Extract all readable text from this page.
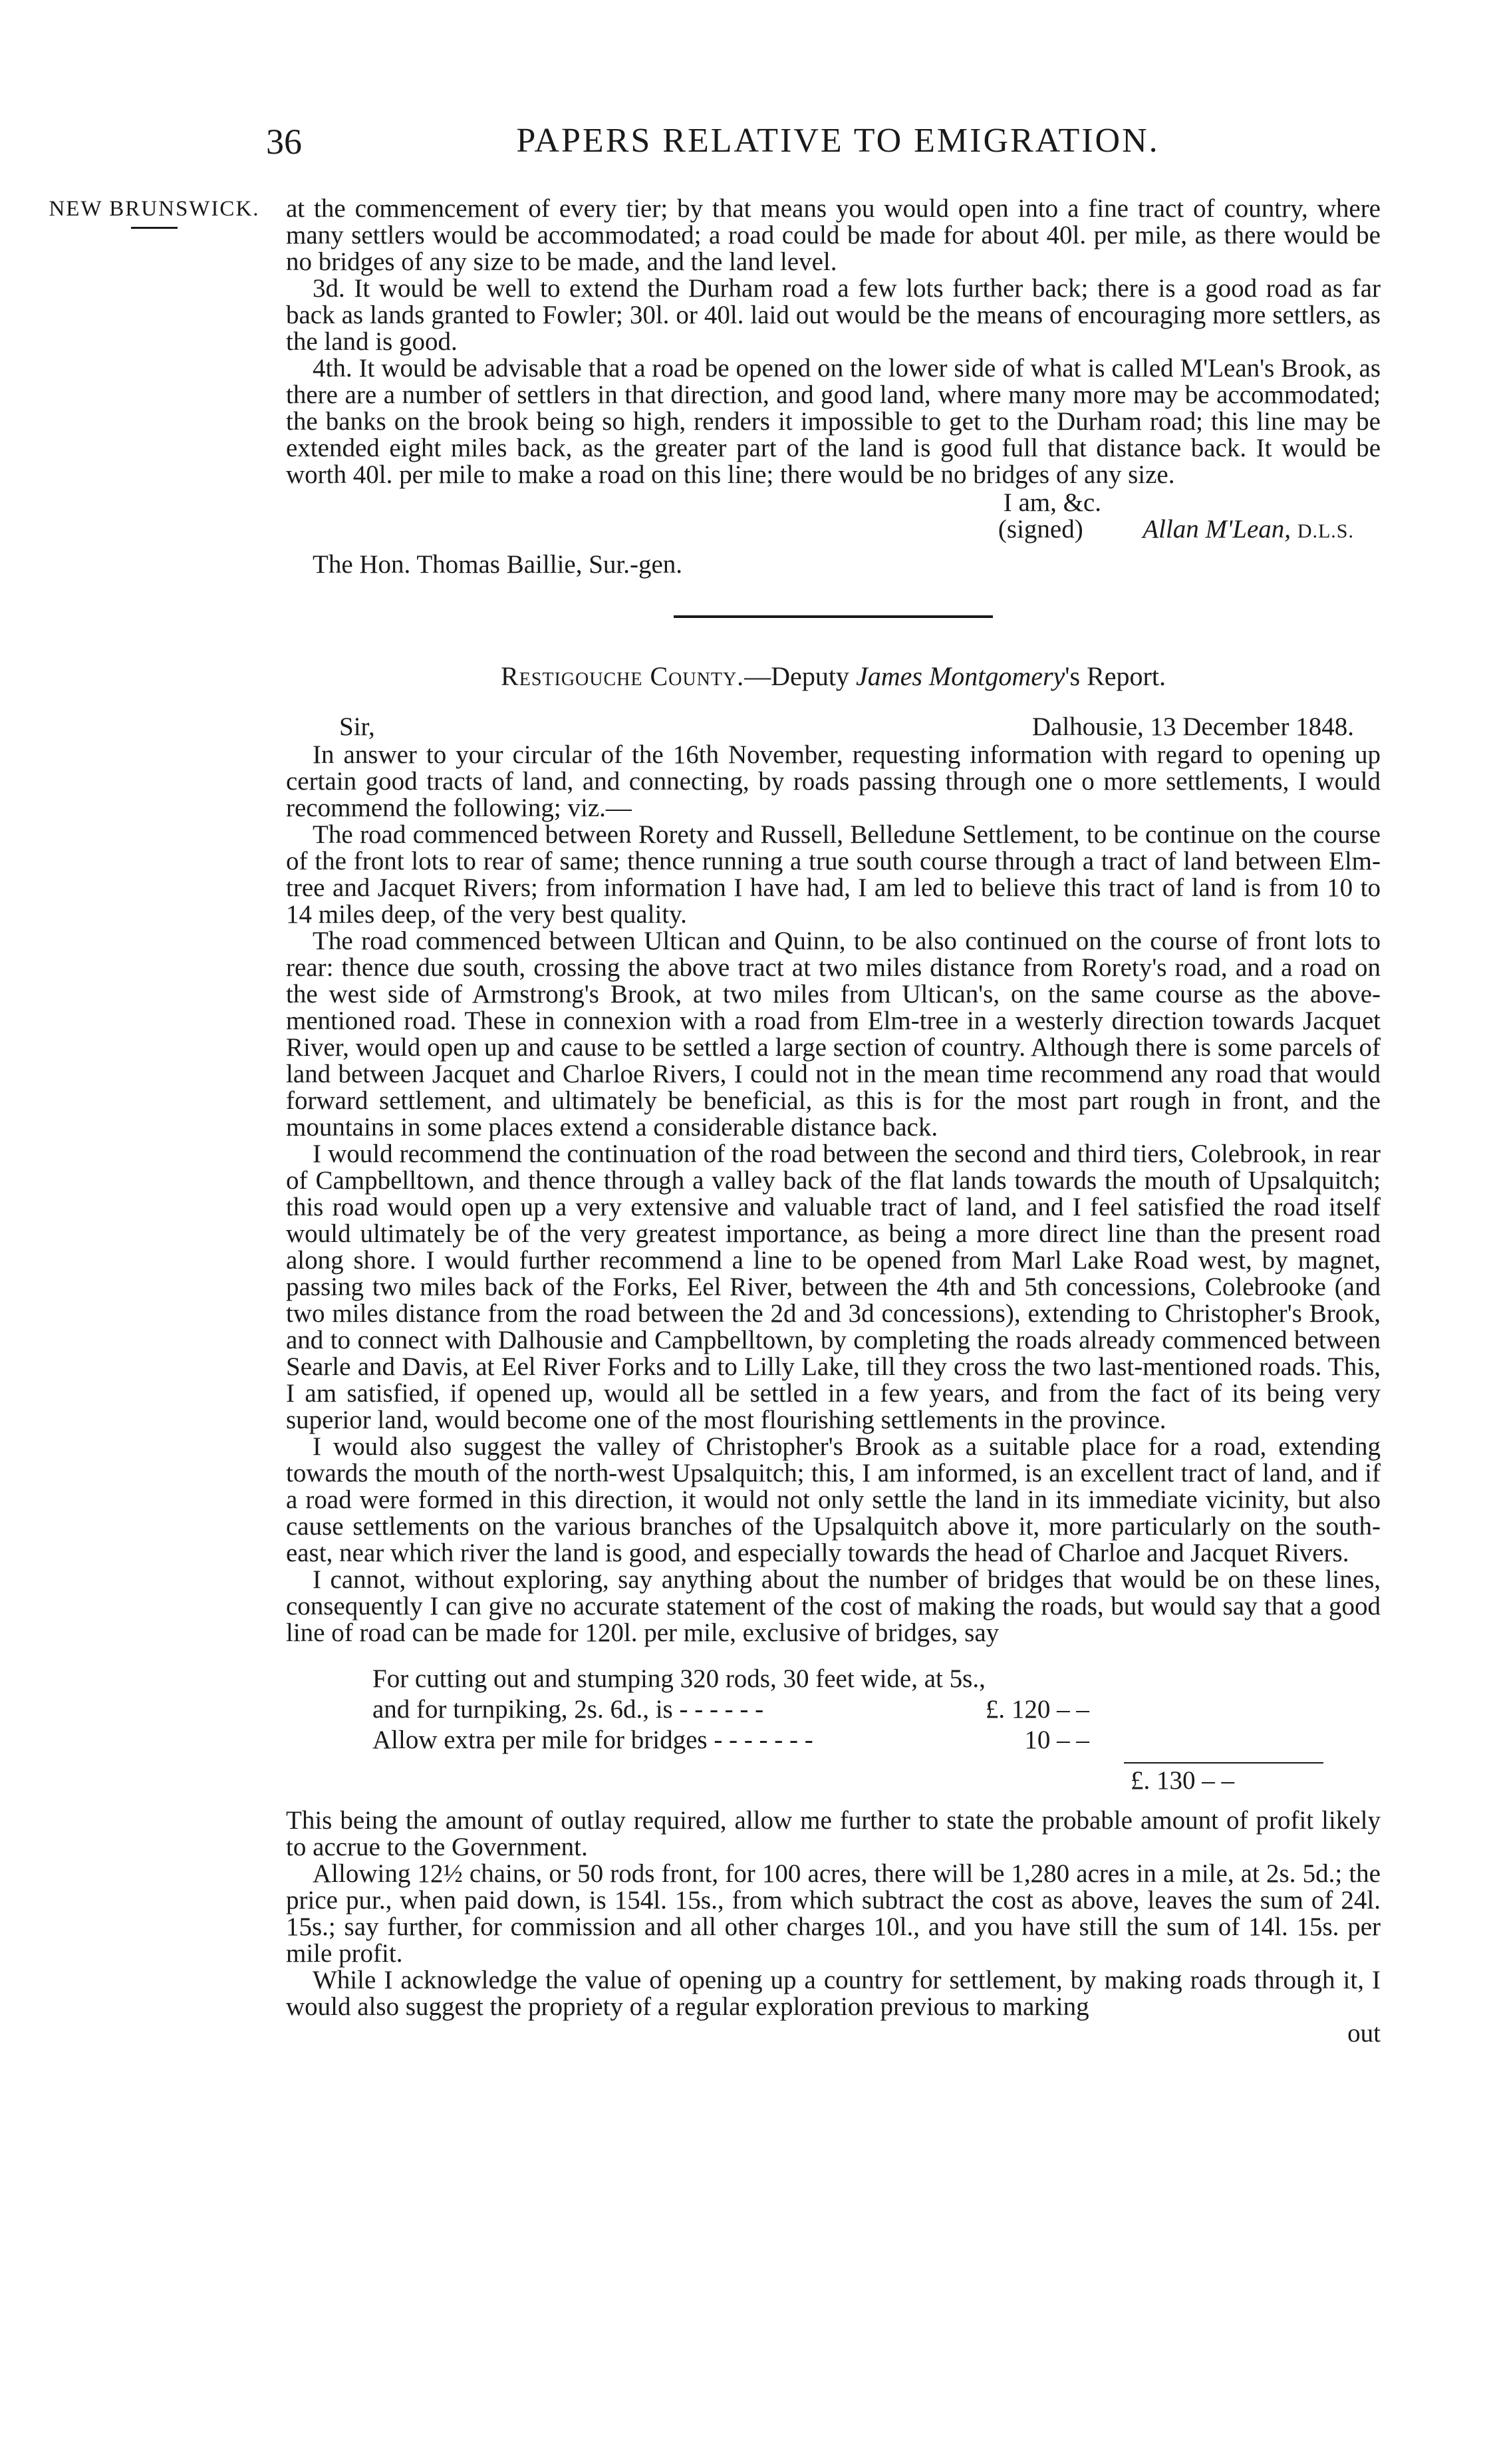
36	PAPERS RELATIVE TO EMIGRATION.
NEW BRUNSWICK. at the commencement of every tier; by that means you would open into a fine tract of country, where many settlers would be accommodated; a road could be made for about 40l. per mile, as there would be no bridges of any size to be made, and the land level.

3d. It would be well to extend the Durham road a few lots further back; there is a good road as far back as lands granted to Fowler; 30l. or 40l. laid out would be the means of encouraging more settlers, as the land is good.

4th. It would be advisable that a road be opened on the lower side of what is called M'Lean's Brook, as there are a number of settlers in that direction, and good land, where many more may be accommodated; the banks on the brook being so high, renders it impossible to get to the Durham road; this line may be extended eight miles back, as the greater part of the land is good full that distance back. It would be worth 40l. per mile to make a road on this line; there would be no bridges of any size.

I am, &c.
(signed) Allan M'Lean, D.L.S.
The Hon. Thomas Baillie, Sur.-gen.
Restigouche County.—Deputy James Montgomery's Report.
Sir,	Dalhousie, 13 December 1848.

In answer to your circular of the 16th November, requesting information with regard to opening up certain good tracts of land, and connecting, by roads passing through one o more settlements, I would recommend the following; viz.—

The road commenced between Rorety and Russell, Belledune Settlement, to be continue on the course of the front lots to rear of same; thence running a true south course through a tract of land between Elm-tree and Jacquet Rivers; from information I have had, I am led to believe this tract of land is from 10 to 14 miles deep, of the very best quality.

The road commenced between Ultican and Quinn, to be also continued on the course of front lots to rear: thence due south, crossing the above tract at two miles distance from Rorety's road, and a road on the west side of Armstrong's Brook, at two miles from Ultican's, on the same course as the above-mentioned road. These in connexion with a road from Elm-tree in a westerly direction towards Jacquet River, would open up and cause to be settled a large section of country. Although there is some parcels of land between Jacquet and Charloe Rivers, I could not in the mean time recommend any road that would forward settlement, and ultimately be beneficial, as this is for the most part rough in front, and the mountains in some places extend a considerable distance back.

I would recommend the continuation of the road between the second and third tiers, Colebrook, in rear of Campbelltown, and thence through a valley back of the flat lands towards the mouth of Upsalquitch; this road would open up a very extensive and valuable tract of land, and I feel satisfied the road itself would ultimately be of the very greatest importance, as being a more direct line than the present road along shore. I would further recommend a line to be opened from Marl Lake Road west, by magnet, passing two miles back of the Forks, Eel River, between the 4th and 5th concessions, Colebrooke (and two miles distance from the road between the 2d and 3d concessions), extending to Christopher's Brook, and to connect with Dalhousie and Campbelltown, by completing the roads already commenced between Searle and Davis, at Eel River Forks and to Lilly Lake, till they cross the two last-mentioned roads. This, I am satisfied, if opened up, would all be settled in a few years, and from the fact of its being very superior land, would become one of the most flourishing settlements in the province.

I would also suggest the valley of Christopher's Brook as a suitable place for a road, extending towards the mouth of the north-west Upsalquitch; this, I am informed, is an excellent tract of land, and if a road were formed in this direction, it would not only settle the land in its immediate vicinity, but also cause settlements on the various branches of the Upsalquitch above it, more particularly on the south-east, near which river the land is good, and especially towards the head of Charloe and Jacquet Rivers.

I cannot, without exploring, say anything about the number of bridges that would be on these lines, consequently I can give no accurate statement of the cost of making the roads, but would say that a good line of road can be made for 120l. per mile, exclusive of bridges, say

For cutting out and stumping 320 rods, 30 feet wide, at 5s.,	
and for turnpiking, 2s. 6d., is - - - - - -	£. 120 – –
Allow extra per mile for bridges - - - - - - -	10 – –
£. 130 – –

This being the amount of outlay required, allow me further to state the probable amount of profit likely to accrue to the Government.

Allowing 12½ chains, or 50 rods front, for 100 acres, there will be 1,280 acres in a mile, at 2s. 5d.; the price pur., when paid down, is 154l. 15s., from which subtract the cost as above, leaves the sum of 24l. 15s.; say further, for commission and all other charges 10l., and you have still the sum of 14l. 15s. per mile profit.

While I acknowledge the value of opening up a country for settlement, by making roads through it, I would also suggest the propriety of a regular exploration previous to marking

out
